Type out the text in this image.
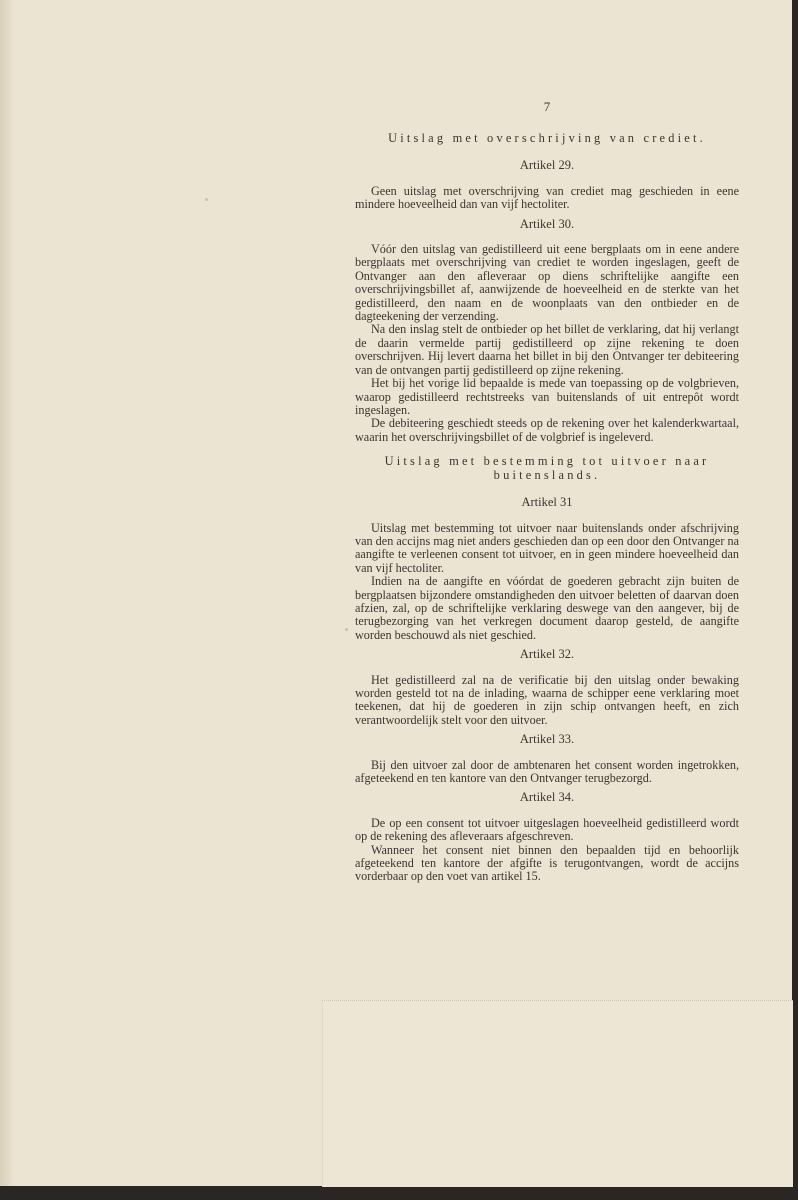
7
Uitslag met overschrijving van crediet.
Artikel 29.

Geen uitslag met overschrijving van crediet mag geschieden in eene mindere hoeveelheid dan van vijf hectoliter.

Artikel 30.

Vóór den uitslag van gedistilleerd uit eene bergplaats om in eene andere bergplaats met overschrijving van crediet te worden ingeslagen, geeft de Ontvanger aan den afleveraar op diens schriftelijke aangifte een overschrijvingsbillet af, aanwijzende de hoeveelheid en de sterkte van het gedistilleerd, den naam en de woonplaats van den ontbieder en de dagteekening der verzending.

Na den inslag stelt de ontbieder op het billet de verklaring, dat hij verlangt de daarin vermelde partij gedistilleerd op zijne rekening te doen overschrijven. Hij levert daarna het billet in bij den Ontvanger ter debiteering van de ontvangen partij gedistilleerd op zijne rekening.

Het bij het vorige lid bepaalde is mede van toepassing op de volgbrieven, waarop gedistilleerd rechtstreeks van buitenslands of uit entrepôt wordt ingeslagen.

De debiteering geschiedt steeds op de rekening over het kalenderkwartaal, waarin het overschrijvingsbillet of de volgbrief is ingeleverd.

Uitslag met bestemming tot uitvoer naar buitenslands.
Artikel 31

Uitslag met bestemming tot uitvoer naar buitenslands onder afschrijving van den accijns mag niet anders geschieden dan op een door den Ontvanger na aangifte te verleenen consent tot uitvoer, en in geen mindere hoeveelheid dan van vijf hectoliter.

Indien na de aangifte en vóórdat de goederen gebracht zijn buiten de bergplaatsen bijzondere omstandigheden den uitvoer beletten of daarvan doen afzien, zal, op de schriftelijke verklaring deswege van den aangever, bij de terugbezorging van het verkregen document daarop gesteld, de aangifte worden beschouwd als niet geschied.

Artikel 32.

Het gedistilleerd zal na de verificatie bij den uitslag onder bewaking worden gesteld tot na de inlading, waarna de schipper eene verklaring moet teekenen, dat hij de goederen in zijn schip ontvangen heeft, en zich verantwoordelijk stelt voor den uitvoer.

Artikel 33.

Bij den uitvoer zal door de ambtenaren het consent worden ingetrokken, afgeteekend en ten kantore van den Ontvanger terugbezorgd.

Artikel 34.

De op een consent tot uitvoer uitgeslagen hoeveelheid gedistilleerd wordt op de rekening des afleveraars afgeschreven.

Wanneer het consent niet binnen den bepaalden tijd en behoorlijk afgeteekend ten kantore der afgifte is terugontvangen, wordt de accijns vorderbaar op den voet van artikel 15.
